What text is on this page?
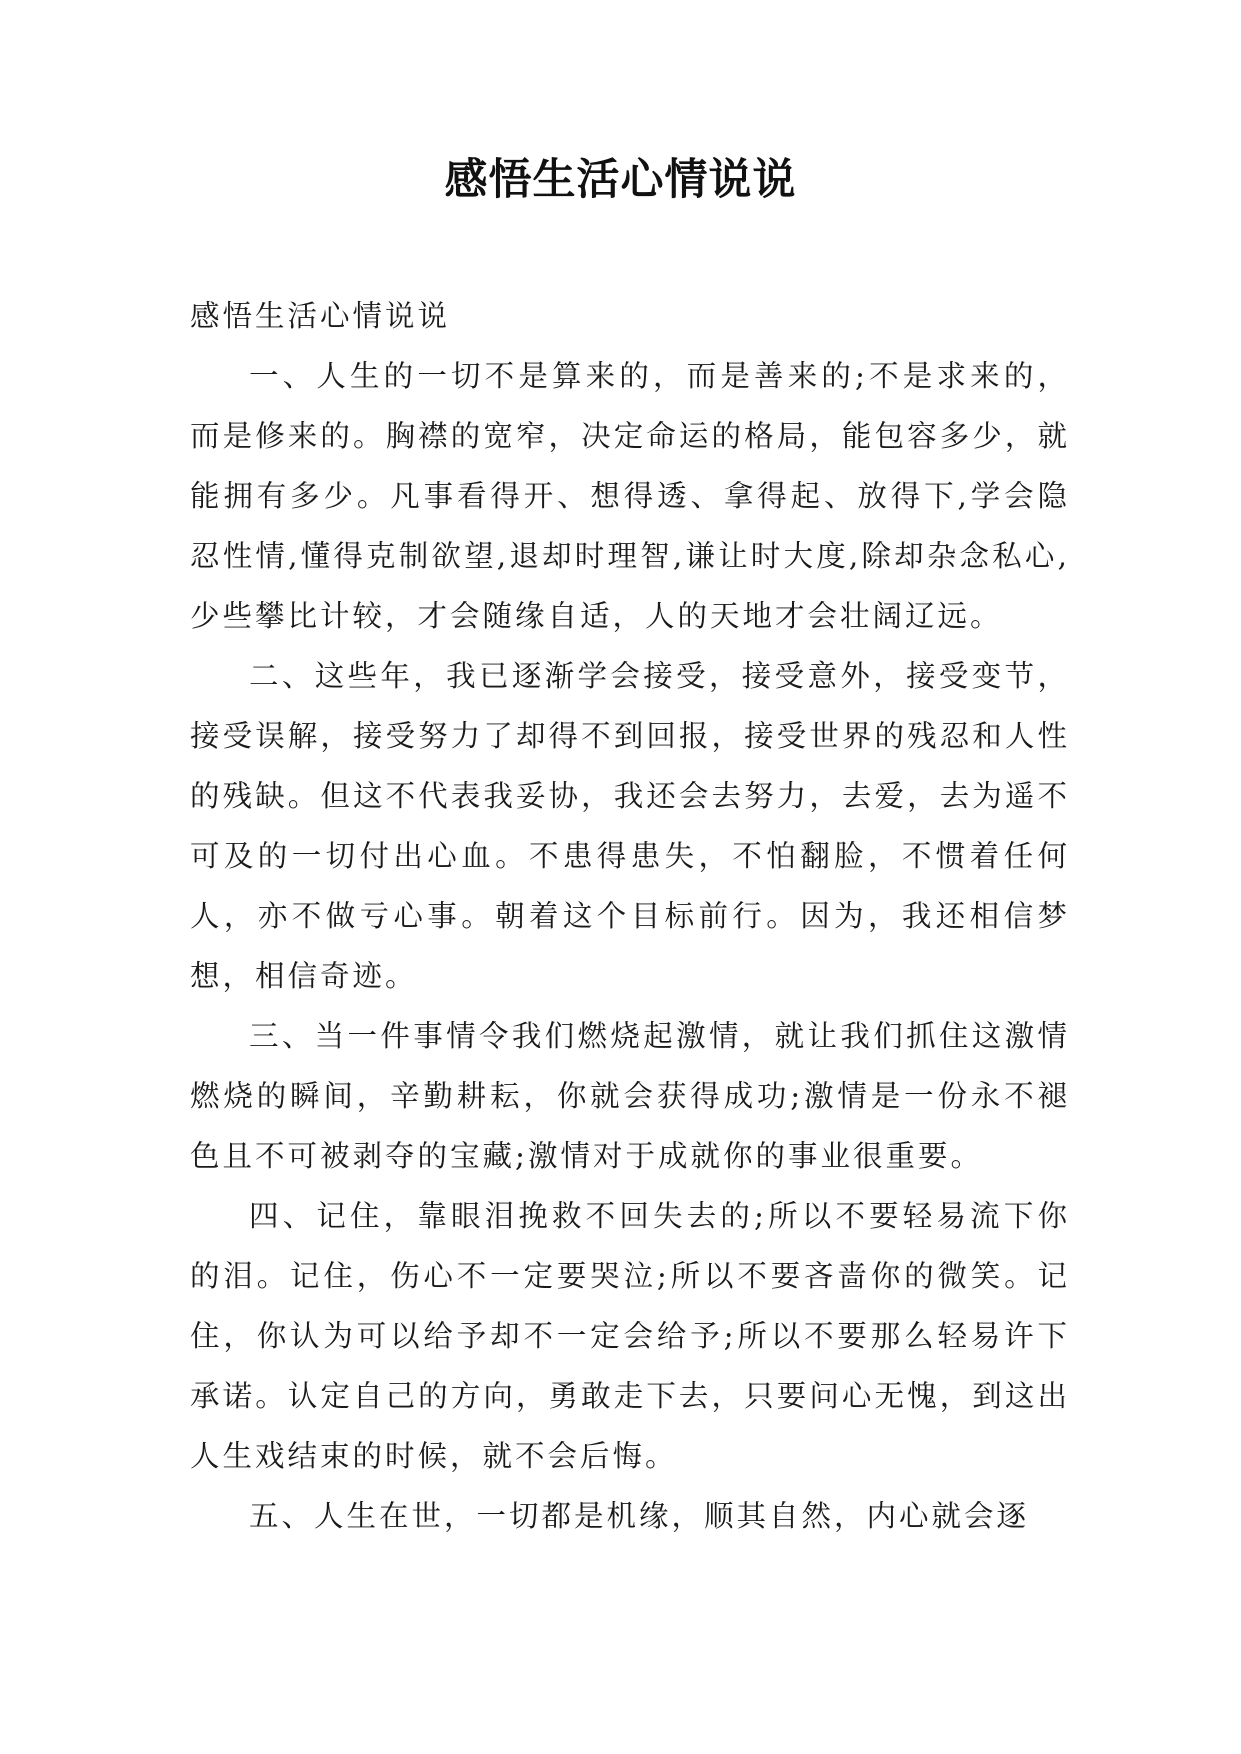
感悟生活心情说说

感悟生活心情说说

一、人生的一切不是算来的，而是善来的;不是求来的，而是修来的。胸襟的宽窄，决定命运的格局，能包容多少，就能拥有多少。凡事看得开、想得透、拿得起、放得下,学会隐忍性情,懂得克制欲望,退却时理智,谦让时大度,除却杂念私心,少些攀比计较，才会随缘自适，人的天地才会壮阔辽远。

二、这些年，我已逐渐学会接受，接受意外，接受变节，接受误解，接受努力了却得不到回报，接受世界的残忍和人性的残缺。但这不代表我妥协，我还会去努力，去爱，去为遥不可及的一切付出心血。不患得患失，不怕翻脸，不惯着任何人，亦不做亏心事。朝着这个目标前行。因为，我还相信梦想，相信奇迹。

三、当一件事情令我们燃烧起激情，就让我们抓住这激情燃烧的瞬间，辛勤耕耘，你就会获得成功;激情是一份永不褪色且不可被剥夺的宝藏;激情对于成就你的事业很重要。

四、记住，靠眼泪挽救不回失去的;所以不要轻易流下你的泪。记住，伤心不一定要哭泣;所以不要吝啬你的微笑。记住，你认为可以给予却不一定会给予;所以不要那么轻易许下承诺。认定自己的方向，勇敢走下去，只要问心无愧，到这出人生戏结束的时候，就不会后悔。

五、人生在世，一切都是机缘，顺其自然，内心就会逐
